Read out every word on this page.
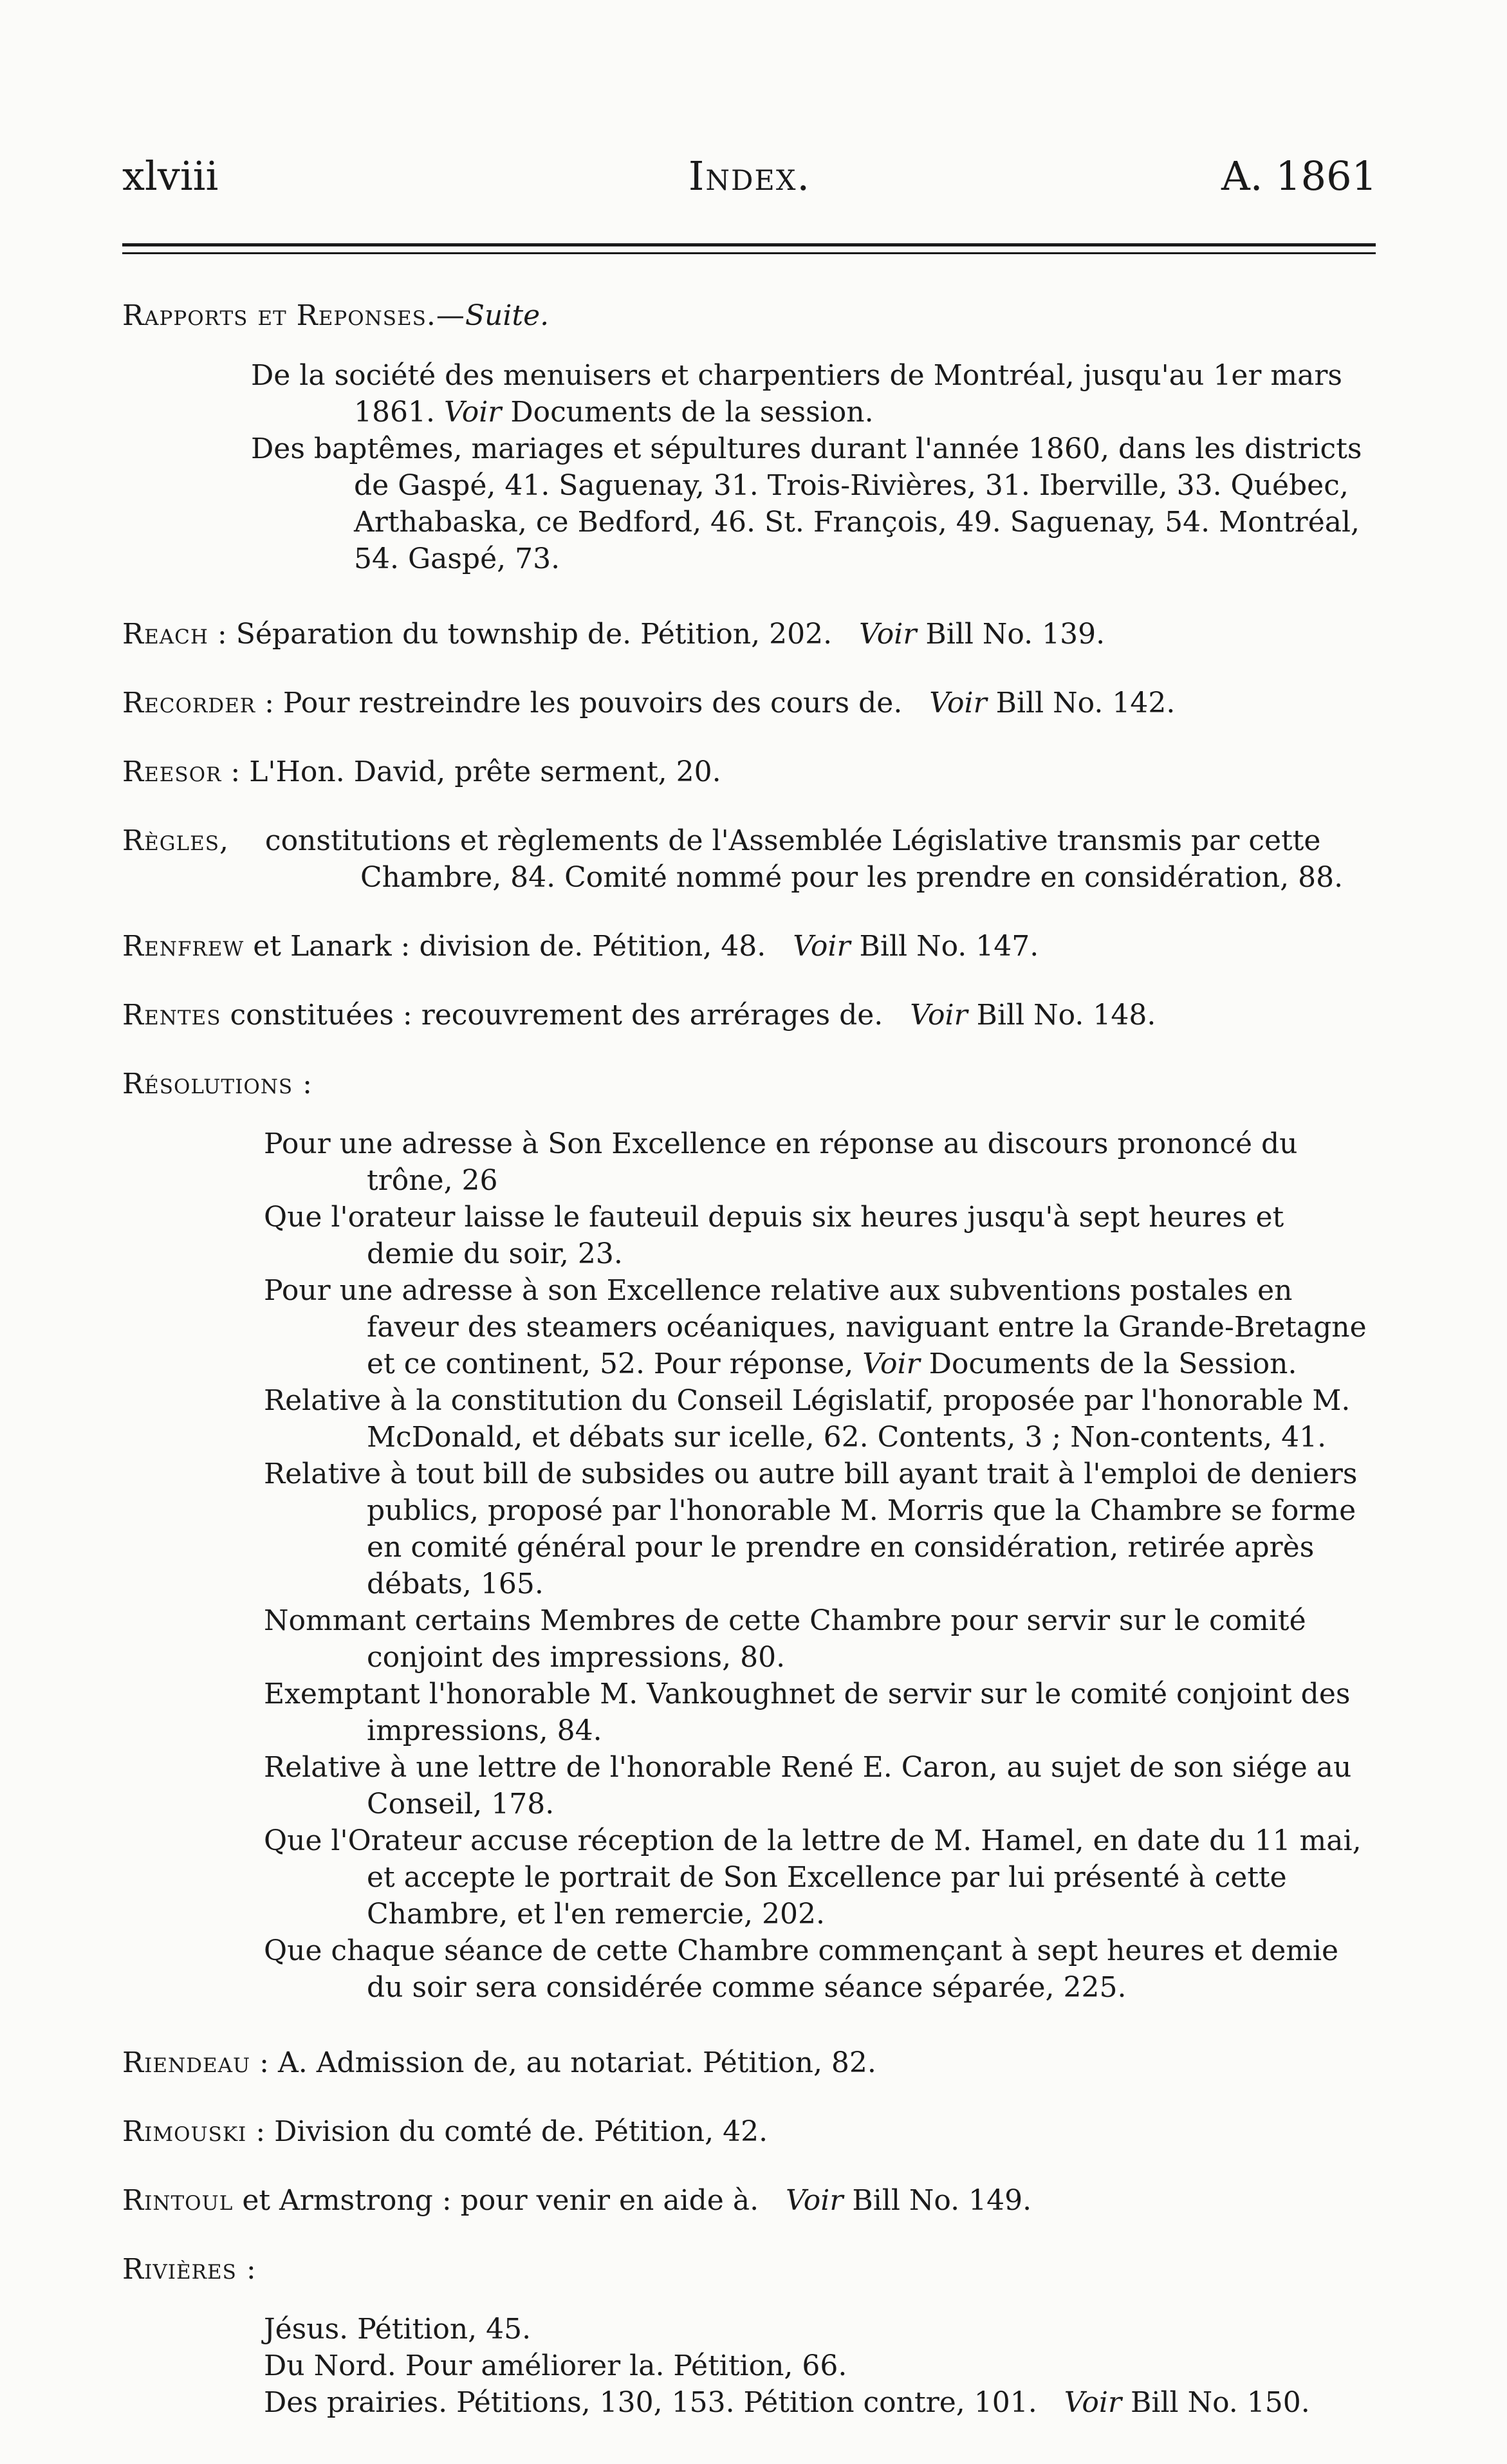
xlviii	Index.	A. 1861
Rapports et Reponses.—Suite.

De la société des menuisers et charpentiers de Montréal, jusqu'au 1er mars 1861. Voir Documents de la session.

Des baptêmes, mariages et sépultures durant l'année 1860, dans les districts de Gaspé, 41. Saguenay, 31. Trois-Rivières, 31. Iberville, 33. Québec, Arthabaska, ce Bedford, 46. St. François, 49. Saguenay, 54. Montréal, 54. Gaspé, 73.

Reach : Séparation du township de. Pétition, 202. Voir Bill No. 139.
Recorder : Pour restreindre les pouvoirs des cours de. Voir Bill No. 142.
Reesor : L'Hon. David, prête serment, 20.
Règles, constitutions et règlements de l'Assemblée Législative transmis par cette Chambre, 84. Comité nommé pour les prendre en considération, 88.
Renfrew et Lanark : division de. Pétition, 48. Voir Bill No. 147.
Rentes constituées : recouvrement des arrérages de. Voir Bill No. 148.
Résolutions :

Pour une adresse à Son Excellence en réponse au discours prononcé du trône, 26

Que l'orateur laisse le fauteuil depuis six heures jusqu'à sept heures et demie du soir, 23.

Pour une adresse à son Excellence relative aux subventions postales en faveur des steamers océaniques, naviguant entre la Grande-Bretagne et ce continent, 52. Pour réponse, Voir Documents de la Session.

Relative à la constitution du Conseil Législatif, proposée par l'honorable M. McDonald, et débats sur icelle, 62. Contents, 3 ; Non-contents, 41.

Relative à tout bill de subsides ou autre bill ayant trait à l'emploi de deniers publics, proposé par l'honorable M. Morris que la Chambre se forme en comité général pour le prendre en considération, retirée après débats, 165.

Nommant certains Membres de cette Chambre pour servir sur le comité conjoint des impressions, 80.

Exemptant l'honorable M. Vankoughnet de servir sur le comité conjoint des impressions, 84.

Relative à une lettre de l'honorable René E. Caron, au sujet de son siége au Conseil, 178.

Que l'Orateur accuse réception de la lettre de M. Hamel, en date du 11 mai, et accepte le portrait de Son Excellence par lui présenté à cette Chambre, et l'en remercie, 202.

Que chaque séance de cette Chambre commençant à sept heures et demie du soir sera considérée comme séance séparée, 225.

Riendeau : A. Admission de, au notariat. Pétition, 82.
Rimouski : Division du comté de. Pétition, 42.
Rintoul et Armstrong : pour venir en aide à. Voir Bill No. 149.
Rivières :

Jésus. Pétition, 45.

Du Nord. Pour améliorer la. Pétition, 66.

Des prairies. Pétitions, 130, 153. Pétition contre, 101. Voir Bill No. 150.
